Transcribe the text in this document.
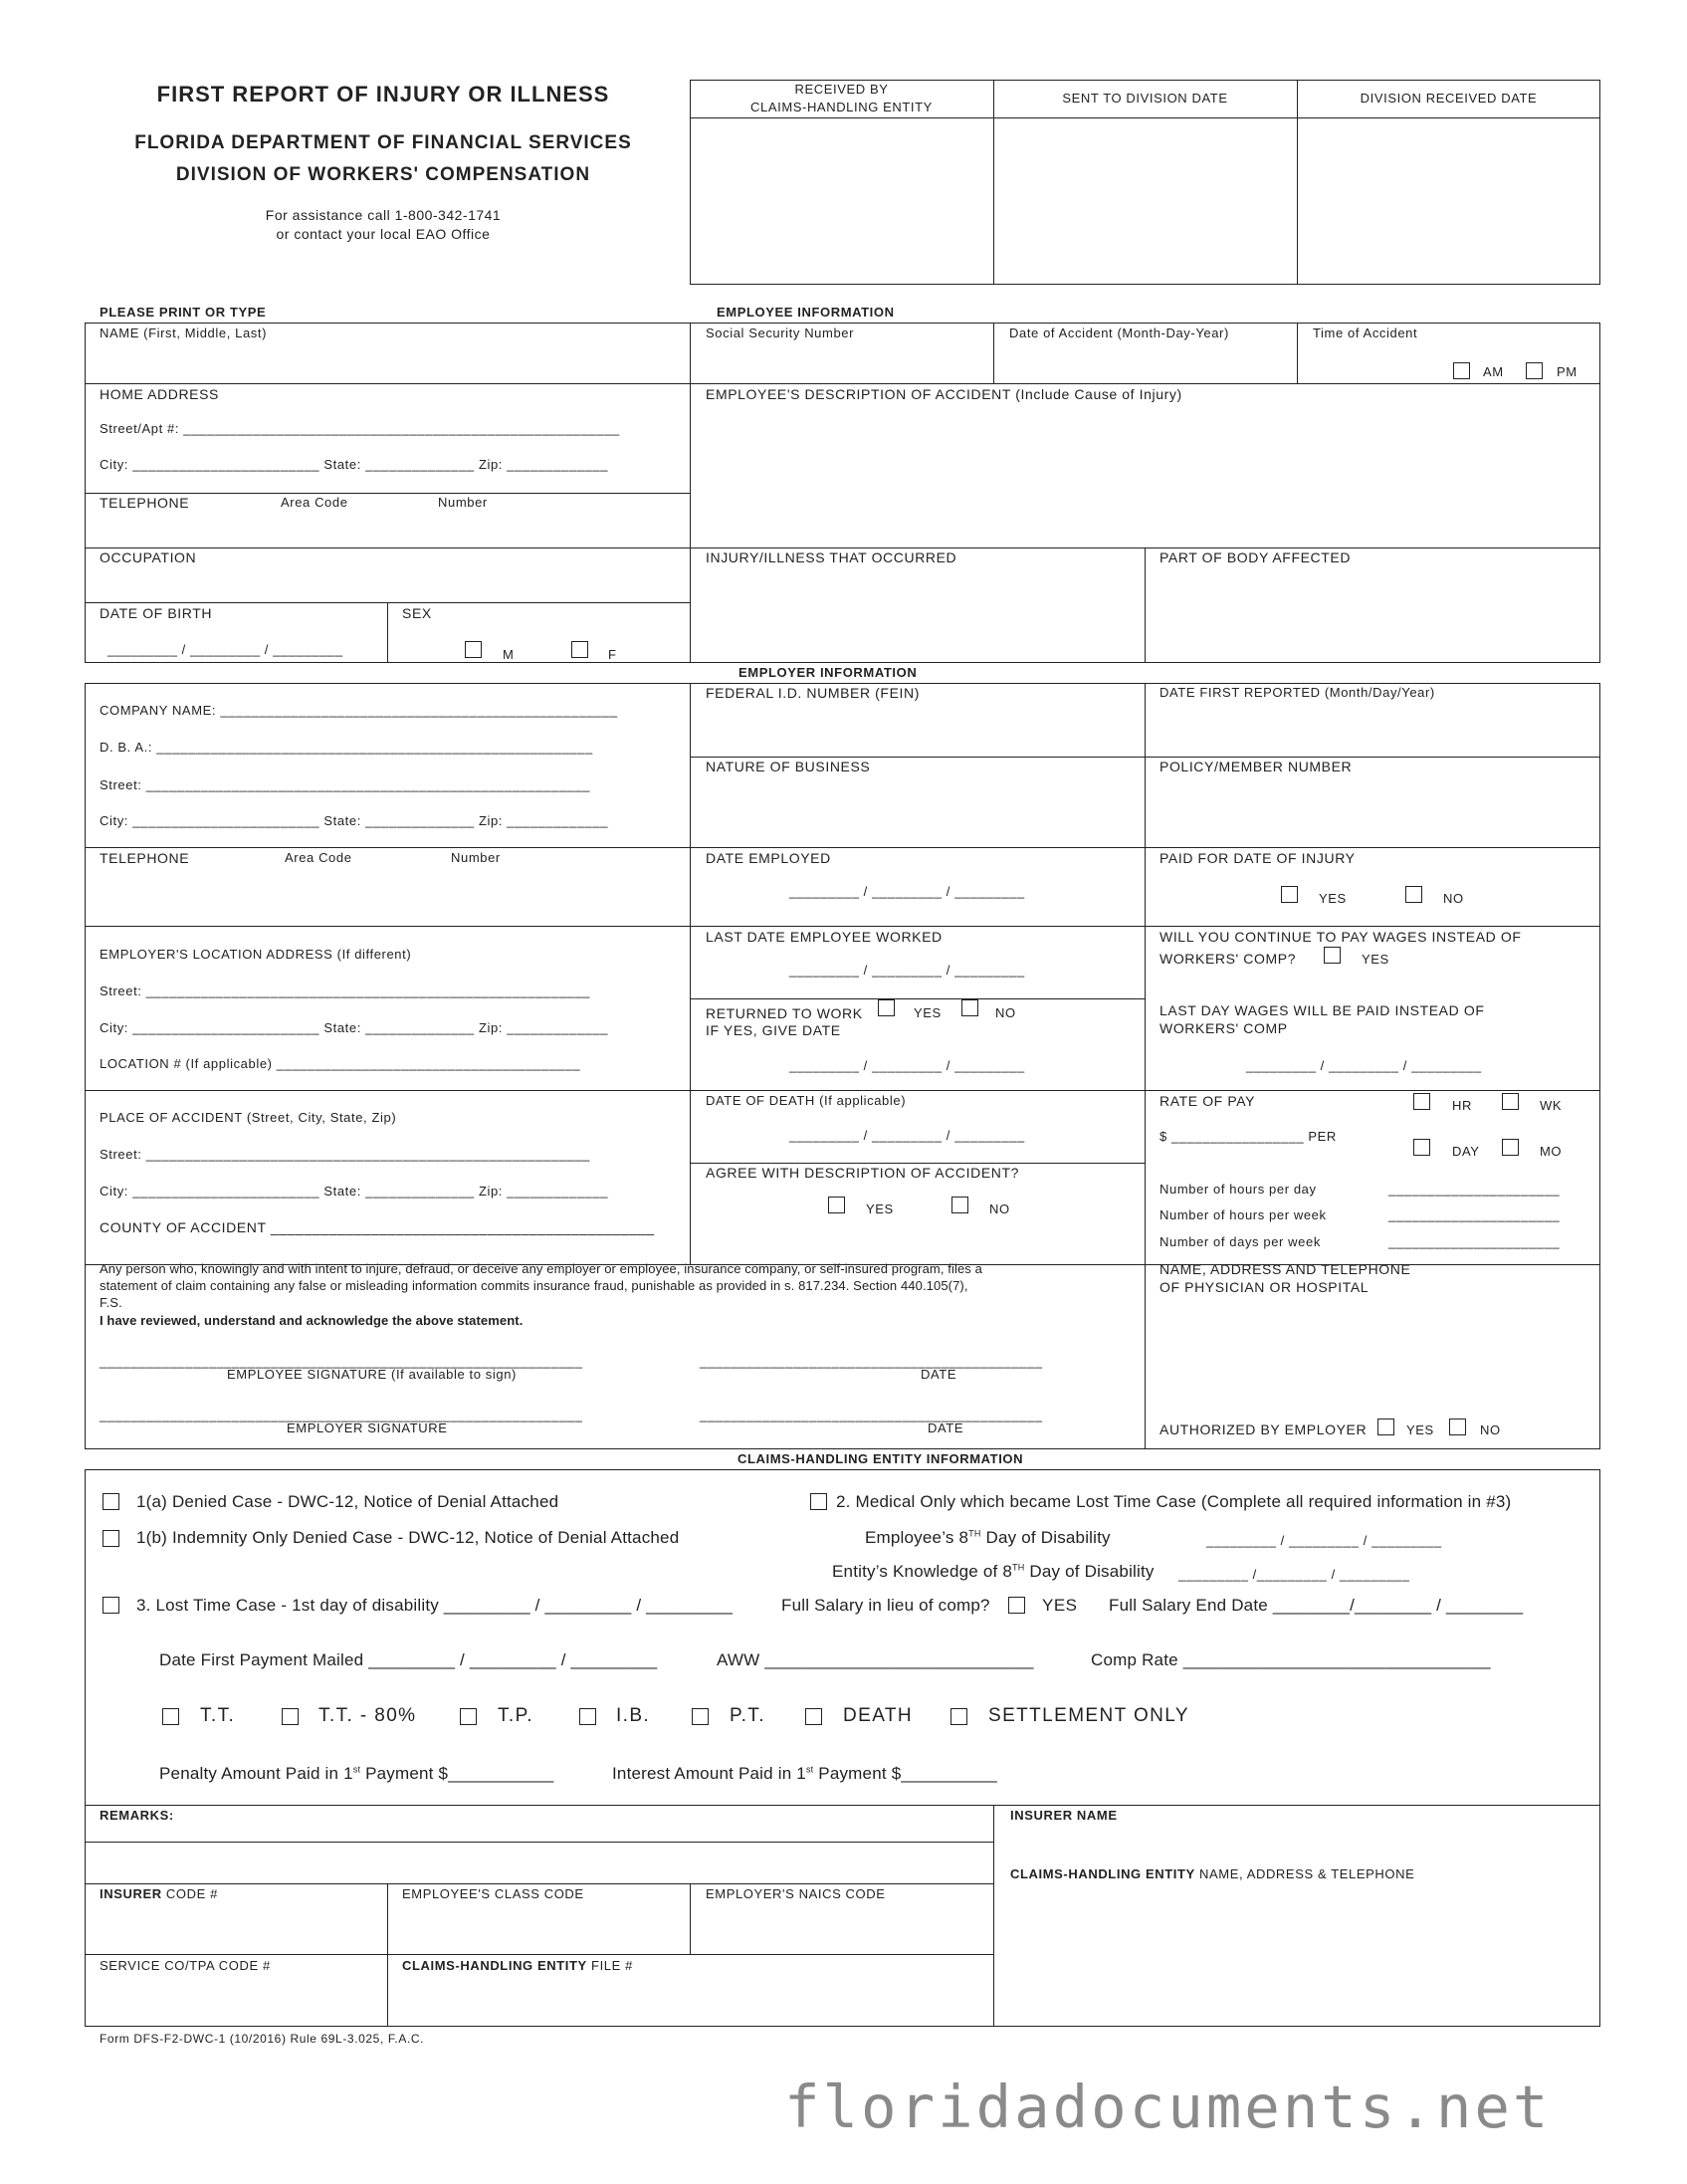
FIRST REPORT OF INJURY OR ILLNESS
FLORIDA DEPARTMENT OF FINANCIAL SERVICES
DIVISION OF WORKERS' COMPENSATION
For assistance call 1-800-342-1741
or contact your local EAO Office
RECEIVED BY
CLAIMS-HANDLING ENTITY
SENT TO DIVISION DATE	DIVISION RECEIVED DATE
PLEASE PRINT OR TYPE	EMPLOYEE INFORMATION
NAME (First, Middle, Last)	Social Security Number	Date of Accident (Month-Day-Year)	Time of Accident
AM	PM
HOME ADDRESS
Street/Apt #: ________________________________________________________
City: ________________________ State: ______________ Zip: _____________
EMPLOYEE'S DESCRIPTION OF ACCIDENT (Include Cause of Injury)
TELEPHONE	Area Code	Number
OCCUPATION	INJURY/ILLNESS THAT OCCURRED	PART OF BODY AFFECTED
DATE OF BIRTH
_________ / _________ / _________
SEX
M	F
EMPLOYER INFORMATION
COMPANY NAME: ___________________________________________________
D. B. A.: ________________________________________________________
Street: _________________________________________________________
City: ________________________ State: ______________ Zip: _____________
FEDERAL I.D. NUMBER (FEIN)	DATE FIRST REPORTED (Month/Day/Year)
NATURE OF BUSINESS	POLICY/MEMBER NUMBER
TELEPHONE	Area Code	Number	DATE EMPLOYED
_________ / _________ / _________
PAID FOR DATE OF INJURY
YES	NO
EMPLOYER'S LOCATION ADDRESS (If different)
Street: _________________________________________________________
City: ________________________ State: ______________ Zip: _____________
LOCATION # (If applicable) _______________________________________
LAST DATE EMPLOYEE WORKED
_________ / _________ / _________
RETURNED TO WORK	YES	NO
IF YES, GIVE DATE
_________ / _________ / _________
WILL YOU CONTINUE TO PAY WAGES INSTEAD OF
WORKERS' COMP?	YES
LAST DAY WAGES WILL BE PAID INSTEAD OF
WORKERS' COMP
_________ / _________ / _________
PLACE OF ACCIDENT (Street, City, State, Zip)
Street: _________________________________________________________
City: ________________________ State: ______________ Zip: _____________
COUNTY OF ACCIDENT ______________________________________________
DATE OF DEATH (If applicable)
_________ / _________ / _________
AGREE WITH DESCRIPTION OF ACCIDENT?
YES	NO
RATE OF PAY	HR	WK
$ _________________ PER
DAY	MO
Number of hours per day	______________________
Number of hours per week	______________________
Number of days per week	______________________
Any person who, knowingly and with intent to injure, defraud, or deceive any employer or employee, insurance company, or self-insured program, files a
statement of claim containing any false or misleading information commits insurance fraud, punishable as provided in s. 817.234. Section 440.105(7),
F.S.
I have reviewed, understand and acknowledge the above statement.
______________________________________________________________
EMPLOYEE SIGNATURE (If available to sign)
____________________________________________
DATE
______________________________________________________________
EMPLOYER SIGNATURE
____________________________________________
DATE
NAME, ADDRESS AND TELEPHONE
OF PHYSICIAN OR HOSPITAL
AUTHORIZED BY EMPLOYER	YES	NO
CLAIMS-HANDLING ENTITY INFORMATION
1(a) Denied Case - DWC-12, Notice of Denial Attached	2. Medical Only which became Lost Time Case (Complete all required information in #3)
1(b) Indemnity Only Denied Case - DWC-12, Notice of Denial Attached	Employee’s 8TH Day of Disability	_________ / _________ / _________
Entity’s Knowledge of 8TH Day of Disability _________ /_________ / _________
3. Lost Time Case - 1st day of disability _________ / _________ / _________	Full Salary in lieu of comp?	YES Full Salary End Date ________/________ / ________
Date First Payment Mailed _________ / _________ / _________	AWW ____________________________	Comp Rate ________________________________
T.T.	T.T. - 80%	T.P.	I.B.	P.T.	DEATH	SETTLEMENT ONLY
Penalty Amount Paid in 1st Payment $___________	Interest Amount Paid in 1st Payment $__________
REMARKS:	INSURER NAME
CLAIMS-HANDLING ENTITY NAME, ADDRESS & TELEPHONE
INSURER CODE #	EMPLOYEE'S CLASS CODE	EMPLOYER'S NAICS CODE
SERVICE CO/TPA CODE #	CLAIMS-HANDLING ENTITY FILE #
Form DFS-F2-DWC-1 (10/2016) Rule 69L-3.025, F.A.C.
floridadocuments.net
